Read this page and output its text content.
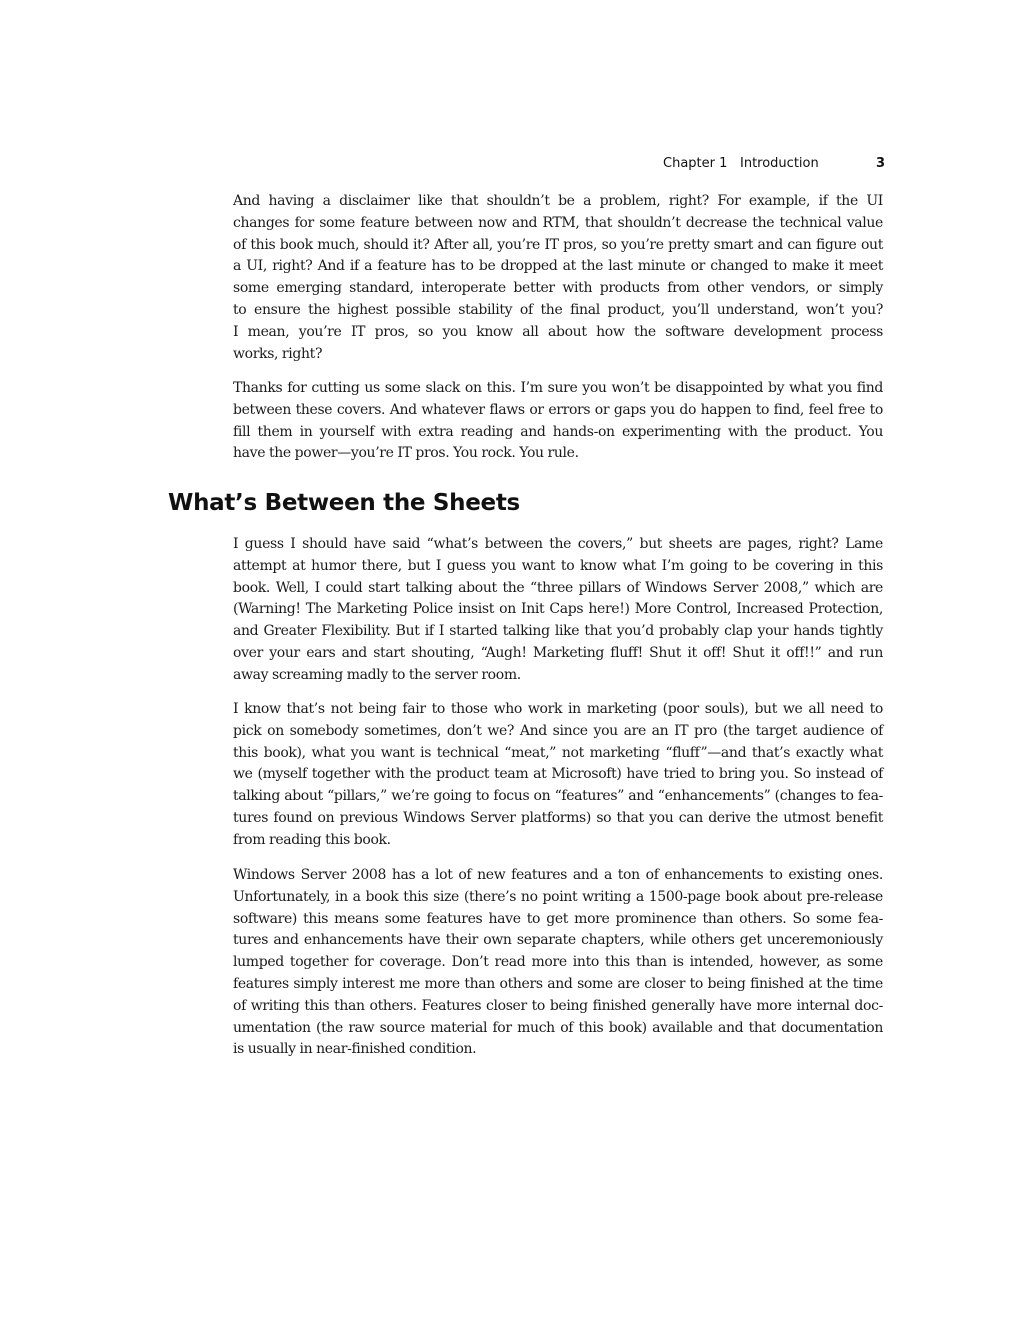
Chapter 1 Introduction	3
And having a disclaimer like that shouldn’t be a problem, right? For example, if the UI
changes for some feature between now and RTM, that shouldn’t decrease the technical value
of this book much, should it? After all, you’re IT pros, so you’re pretty smart and can figure out
a UI, right? And if a feature has to be dropped at the last minute or changed to make it meet
some emerging standard, interoperate better with products from other vendors, or simply
to ensure the highest possible stability of the final product, you’ll understand, won’t you?
I mean, you’re IT pros, so you know all about how the software development process
works, right?
Thanks for cutting us some slack on this. I’m sure you won’t be disappointed by what you find
between these covers. And whatever flaws or errors or gaps you do happen to find, feel free to
fill them in yourself with extra reading and hands-on experimenting with the product. You
have the power—you’re IT pros. You rock. You rule.
What’s Between the Sheets
I guess I should have said “what’s between the covers,” but sheets are pages, right? Lame
attempt at humor there, but I guess you want to know what I’m going to be covering in this
book. Well, I could start talking about the “three pillars of Windows Server 2008,” which are
(Warning! The Marketing Police insist on Init Caps here!) More Control, Increased Protection,
and Greater Flexibility. But if I started talking like that you’d probably clap your hands tightly
over your ears and start shouting, “Augh! Marketing fluff! Shut it off! Shut it off!!” and run
away screaming madly to the server room.
I know that’s not being fair to those who work in marketing (poor souls), but we all need to
pick on somebody sometimes, don’t we? And since you are an IT pro (the target audience of
this book), what you want is technical “meat,” not marketing “fluff”—and that’s exactly what
we (myself together with the product team at Microsoft) have tried to bring you. So instead of
talking about “pillars,” we’re going to focus on “features” and “enhancements” (changes to fea-
tures found on previous Windows Server platforms) so that you can derive the utmost benefit
from reading this book.
Windows Server 2008 has a lot of new features and a ton of enhancements to existing ones.
Unfortunately, in a book this size (there’s no point writing a 1500-page book about pre-release
software) this means some features have to get more prominence than others. So some fea-
tures and enhancements have their own separate chapters, while others get unceremoniously
lumped together for coverage. Don’t read more into this than is intended, however, as some
features simply interest me more than others and some are closer to being finished at the time
of writing this than others. Features closer to being finished generally have more internal doc-
umentation (the raw source material for much of this book) available and that documentation
is usually in near-finished condition.
